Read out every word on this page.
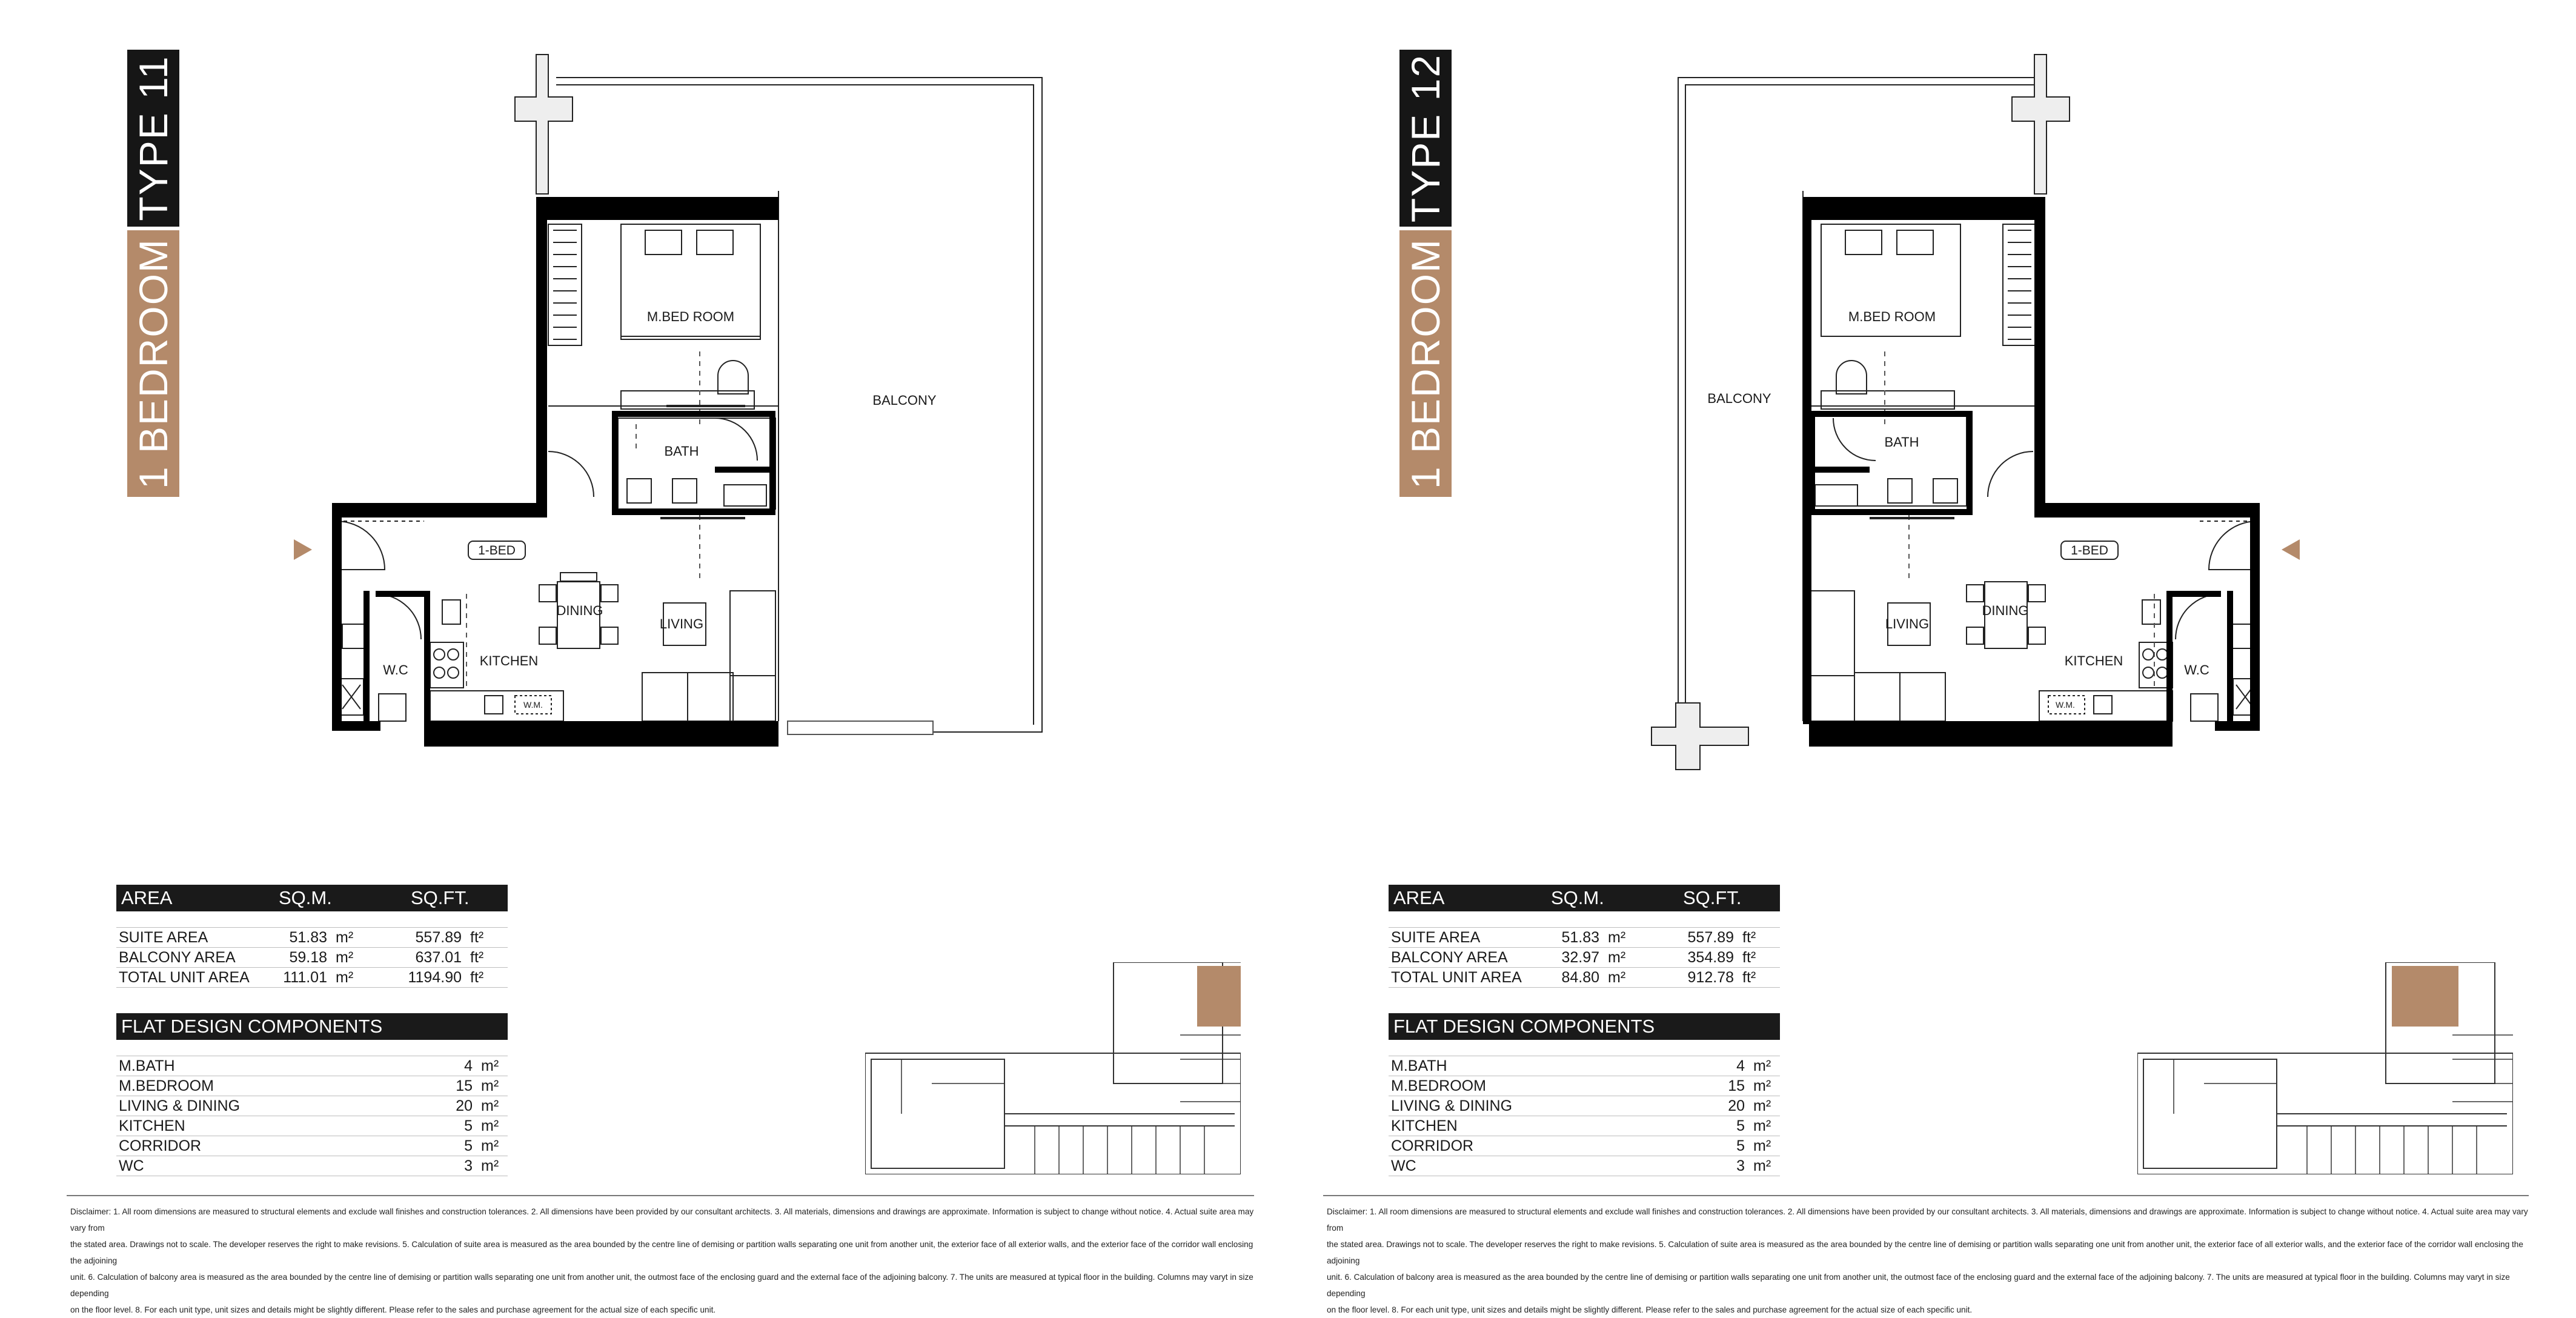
TYPE 11
1 BEDROOM
1-BED
M.BED ROOM
BATH
BALCONY
DINING
LIVING
KITCHEN
W.C
W.M.
AREA	SQ.M.	SQ.FT.
SUITE AREA	51.83 m²	557.89 ft²
BALCONY AREA	59.18 m²	637.01 ft²
TOTAL UNIT AREA	111.01 m²	1194.90 ft²
FLAT DESIGN COMPONENTS
M.BATH	4 m²
M.BEDROOM	15 m²
LIVING & DINING	20 m²
KITCHEN	5 m²
CORRIDOR	5 m²
WC	3 m²
Disclaimer: 1. All room dimensions are measured to structural elements and exclude wall finishes and construction tolerances. 2. All dimensions have been provided by our consultant architects. 3. All materials, dimensions and drawings are approximate. Information is subject to change without notice. 4. Actual suite area may vary from
the stated area. Drawings not to scale. The developer reserves the right to make revisions. 5. Calculation of suite area is measured as the area bounded by the centre line of demising or partition walls separating one unit from another unit, the exterior face of all exterior walls, and the exterior face of the corridor wall enclosing the adjoining
unit. 6. Calculation of balcony area is measured as the area bounded by the centre line of demising or partition walls separating one unit from another unit, the outmost face of the enclosing guard and the external face of the adjoining balcony. 7. The units are measured at typical floor in the building. Columns may varyt in size depending
on the floor level. 8. For each unit type, unit sizes and details might be slightly different. Please refer to the sales and purchase agreement for the actual size of each specific unit.
TYPE 12
1 BEDROOM
1-BED
M.BED ROOM
BATH
BALCONY
DINING
LIVING
KITCHEN
W.C
W.M.
AREA	SQ.M.	SQ.FT.
SUITE AREA	51.83 m²	557.89 ft²
BALCONY AREA	32.97 m²	354.89 ft²
TOTAL UNIT AREA	84.80 m²	912.78 ft²
FLAT DESIGN COMPONENTS
M.BATH	4 m²
M.BEDROOM	15 m²
LIVING & DINING	20 m²
KITCHEN	5 m²
CORRIDOR	5 m²
WC	3 m²
Disclaimer: 1. All room dimensions are measured to structural elements and exclude wall finishes and construction tolerances. 2. All dimensions have been provided by our consultant architects. 3. All materials, dimensions and drawings are approximate. Information is subject to change without notice. 4. Actual suite area may vary from
the stated area. Drawings not to scale. The developer reserves the right to make revisions. 5. Calculation of suite area is measured as the area bounded by the centre line of demising or partition walls separating one unit from another unit, the exterior face of all exterior walls, and the exterior face of the corridor wall enclosing the adjoining
unit. 6. Calculation of balcony area is measured as the area bounded by the centre line of demising or partition walls separating one unit from another unit, the outmost face of the enclosing guard and the external face of the adjoining balcony. 7. The units are measured at typical floor in the building. Columns may varyt in size depending
on the floor level. 8. For each unit type, unit sizes and details might be slightly different. Please refer to the sales and purchase agreement for the actual size of each specific unit.
